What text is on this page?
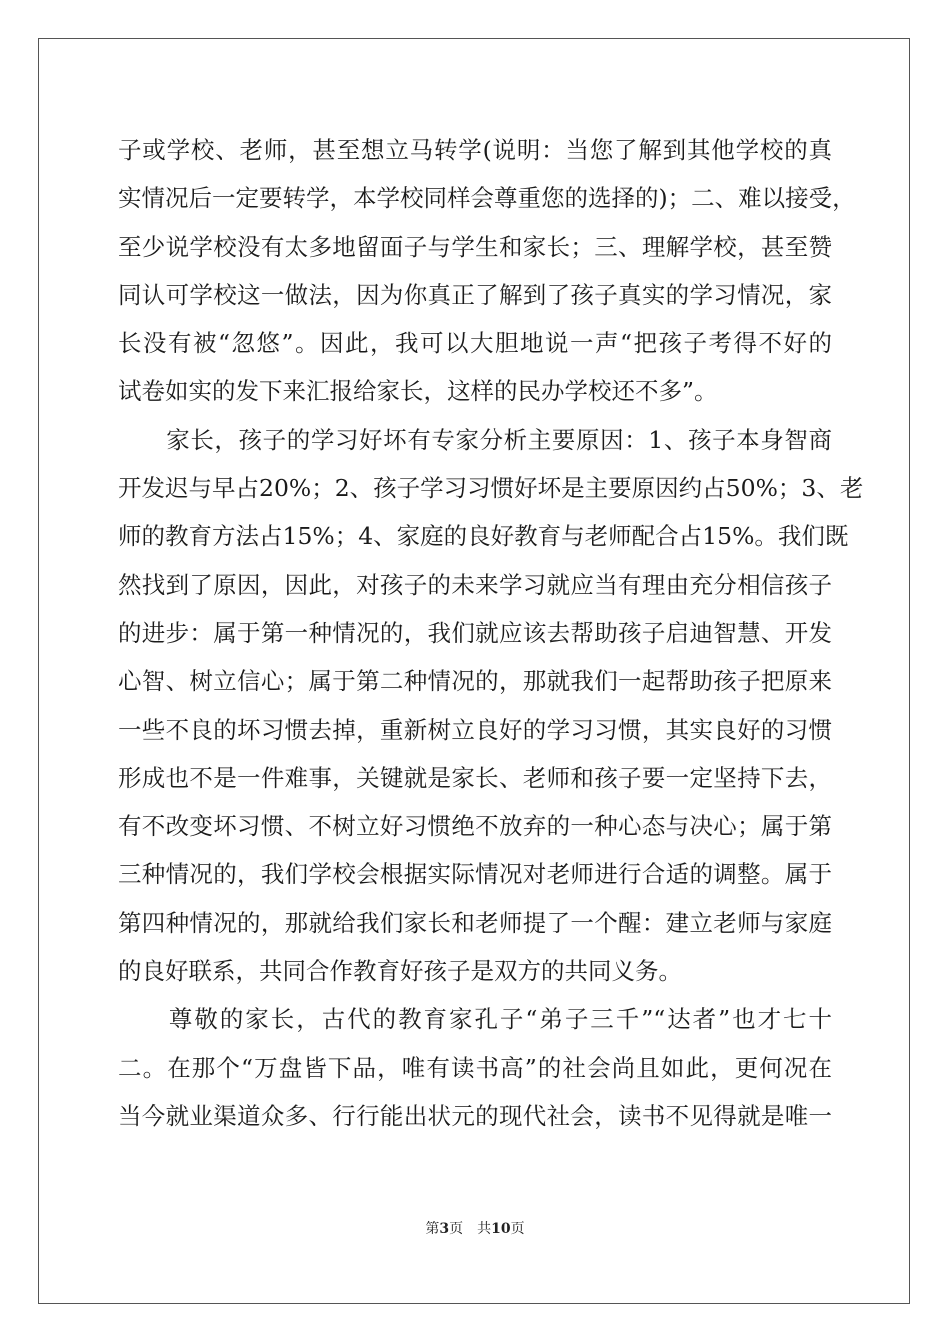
子或学校、老师，甚至想立马转学(说明：当您了解到其他学校的真
实情况后一定要转学，本学校同样会尊重您的选择的)；二、难以接受，
至少说学校没有太多地留面子与学生和家长；三、理解学校，甚至赞
同认可学校这一做法，因为你真正了解到了孩子真实的学习情况，家
长没有被“忽悠”。因此，我可以大胆地说一声“把孩子考得不好的
试卷如实的发下来汇报给家长，这样的民办学校还不多”。
　　家长，孩子的学习好坏有专家分析主要原因：1、孩子本身智商
开发迟与早占20%；2、孩子学习习惯好坏是主要原因约占50%；3、老
师的教育方法占15%；4、家庭的良好教育与老师配合占15%。我们既
然找到了原因，因此，对孩子的未来学习就应当有理由充分相信孩子
的进步：属于第一种情况的，我们就应该去帮助孩子启迪智慧、开发
心智、树立信心；属于第二种情况的，那就我们一起帮助孩子把原来
一些不良的坏习惯去掉，重新树立良好的学习习惯，其实良好的习惯
形成也不是一件难事，关键就是家长、老师和孩子要一定坚持下去，
有不改变坏习惯、不树立好习惯绝不放弃的一种心态与决心；属于第
三种情况的，我们学校会根据实际情况对老师进行合适的调整。属于
第四种情况的，那就给我们家长和老师提了一个醒：建立老师与家庭
的良好联系，共同合作教育好孩子是双方的共同义务。
　　尊敬的家长，古代的教育家孔子“弟子三千”“达者”也才七十
二。在那个“万盘皆下品，唯有读书高”的社会尚且如此，更何况在
当今就业渠道众多、行行能出状元的现代社会，读书不见得就是唯一
第3页 共10页
